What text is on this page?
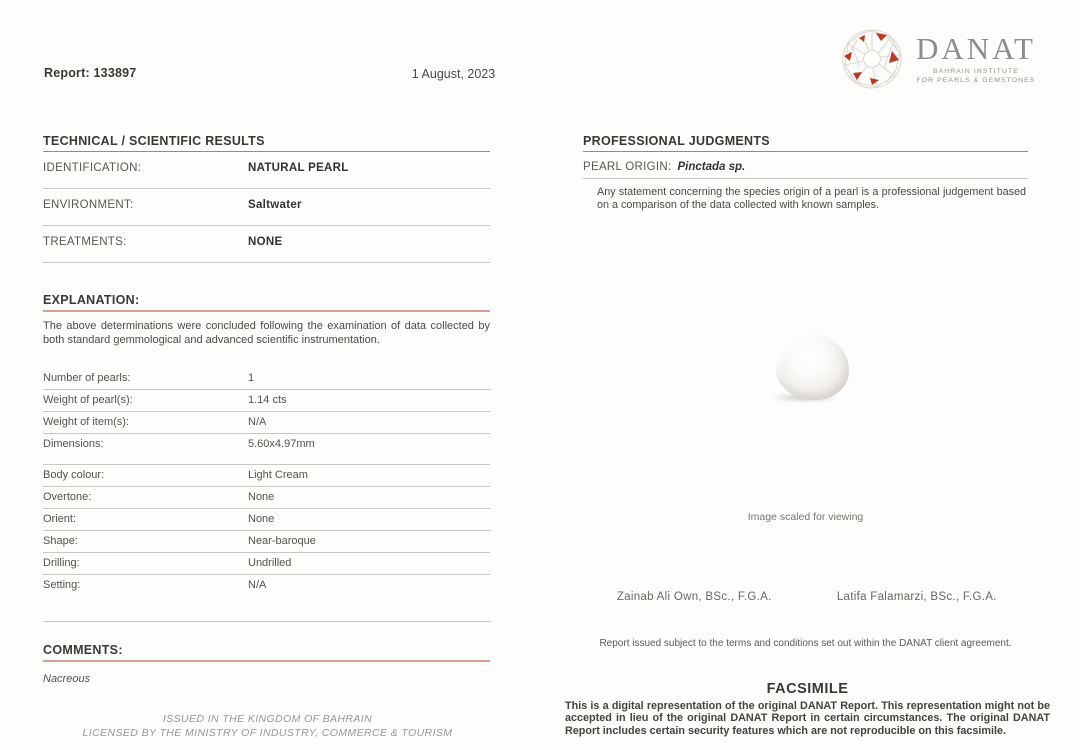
Report: 133897	1 August, 2023
DANAT
BAHRAIN INSTITUTE
FOR PEARLS & GEMSTONES
TECHNICAL / SCIENTIFIC RESULTS
IDENTIFICATION:	NATURAL PEARL
ENVIRONMENT:	Saltwater
TREATMENTS:	NONE
EXPLANATION:
The above determinations were concluded following the examination of data collected by both standard gemmological and advanced scientific instrumentation.
Number of pearls:	1
Weight of pearl(s):	1.14 cts
Weight of item(s):	N/A
Dimensions:	5.60x4.97mm
Body colour:	Light Cream
Overtone:	None
Orient:	None
Shape:	Near-baroque
Drilling:	Undrilled
Setting:	N/A
COMMENTS:
Nacreous
PROFESSIONAL JUDGMENTS
PEARL ORIGIN: Pinctada sp.
Any statement concerning the species origin of a pearl is a professional judgement based on a comparison of the data collected with known samples.
Image scaled for viewing
Zainab Ali Own, BSc., F.G.A.	Latifa Falamarzi, BSc., F.G.A.
Report issued subject to the terms and conditions set out within the DANAT client agreement.
FACSIMILE
This is a digital representation of the original DANAT Report. This representation might not be accepted in lieu of the original DANAT Report in certain circumstances. The original DANAT Report includes certain security features which are not reproducible on this facsimile.
ISSUED IN THE KINGDOM OF BAHRAIN
LICENSED BY THE MINISTRY OF INDUSTRY, COMMERCE & TOURISM
